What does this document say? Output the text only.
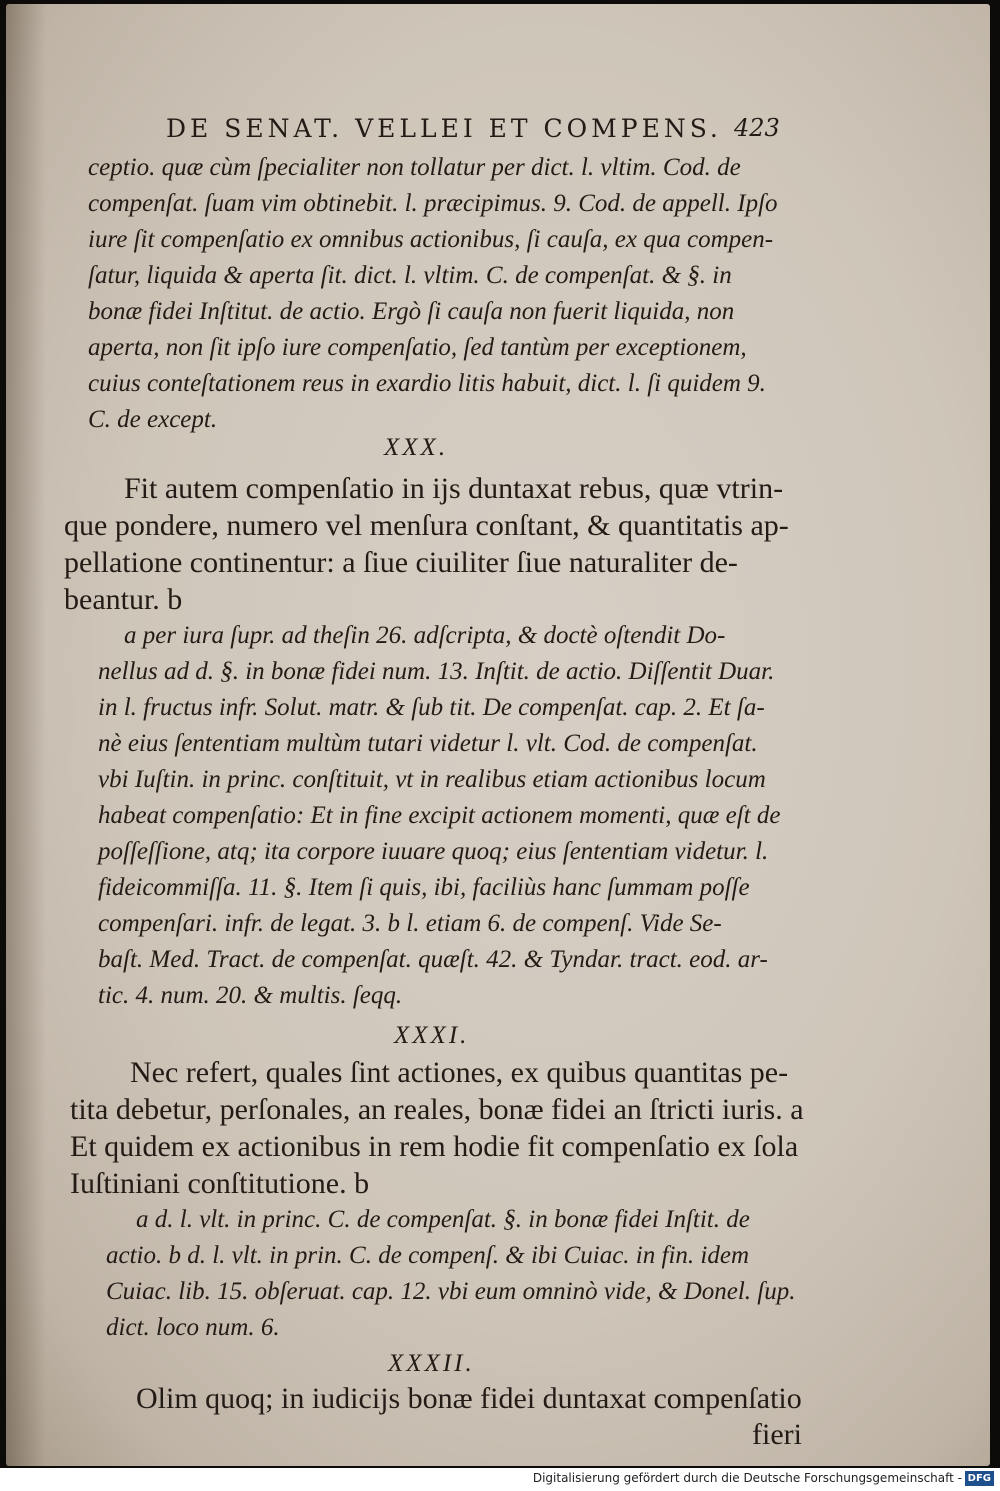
DE SENAT. VELLEI ET COMPENS. 423
ceptio. quæ cùm ſpecialiter non tollatur per dict. l. vltim. Cod. de
compenſat. ſuam vim obtinebit. l. præcipimus. 9. Cod. de appell. Ipſo
iure ſit compenſatio ex omnibus actionibus, ſi cauſa, ex qua compen-
ſatur, liquida & aperta ſit. dict. l. vltim. C. de compenſat. & §. in
bonæ fidei Inſtitut. de actio. Ergò ſi cauſa non fuerit liquida, non
aperta, non ſit ipſo iure compenſatio, ſed tantùm per exceptionem,
cuius conteſtationem reus in exardio litis habuit, dict. l. ſi quidem 9.
C. de except.
XXX.
Fit autem compenſatio in ijs duntaxat rebus, quæ vtrin-
que pondere, numero vel menſura conſtant, & quantitatis ap-
pellatione continentur: a ſiue ciuiliter ſiue naturaliter de-
beantur. b
a per iura ſupr. ad theſin 26. adſcripta, & doctè oſtendit Do-
nellus ad d. §. in bonæ fidei num. 13. Inſtit. de actio. Diſſentit Duar.
in l. fructus infr. Solut. matr. & ſub tit. De compenſat. cap. 2. Et ſa-
nè eius ſententiam multùm tutari videtur l. vlt. Cod. de compenſat.
vbi Iuſtin. in princ. conſtituit, vt in realibus etiam actionibus locum
habeat compenſatio: Et in fine excipit actionem momenti, quæ eſt de
poſſeſſione, atq; ita corpore iuuare quoq; eius ſententiam videtur. l.
fideicommiſſa. 11. §. Item ſi quis, ibi, faciliùs hanc ſummam poſſe
compenſari. infr. de legat. 3. b l. etiam 6. de compenſ. Vide Se-
baſt. Med. Tract. de compenſat. quæſt. 42. & Tyndar. tract. eod. ar-
tic. 4. num. 20. & multis. ſeqq.
XXXI.
Nec refert, quales ſint actiones, ex quibus quantitas pe-
tita debetur, perſonales, an reales, bonæ fidei an ſtricti iuris. a
Et quidem ex actionibus in rem hodie fit compenſatio ex ſola
Iuſtiniani conſtitutione. b
a d. l. vlt. in princ. C. de compenſat. §. in bonæ fidei Inſtit. de
actio. b d. l. vlt. in prin. C. de compenſ. & ibi Cuiac. in fin. idem
Cuiac. lib. 15. obſeruat. cap. 12. vbi eum omninò vide, & Donel. ſup.
dict. loco num. 6.
XXXII.
Olim quoq; in iudicijs bonæ fidei duntaxat compenſatio
fieri
Digitalisierung gefördert durch die Deutsche Forschungsgemeinschaft - DFG
